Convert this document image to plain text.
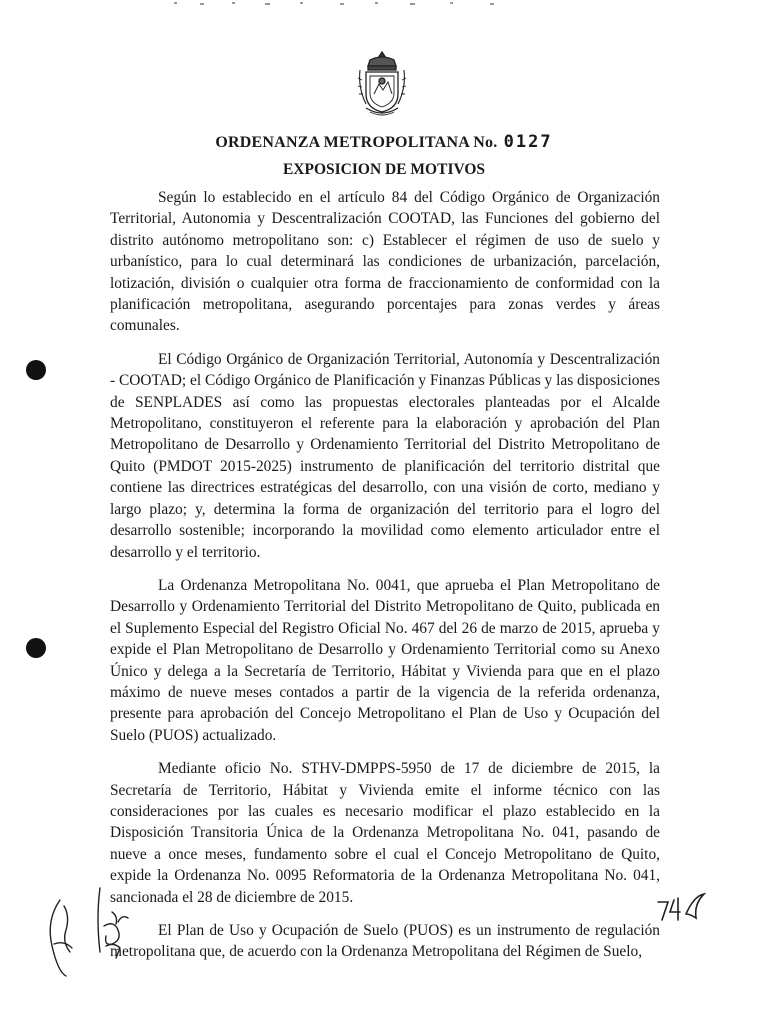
ORDENANZA METROPOLITANA No. 0127
EXPOSICION DE MOTIVOS

Según lo establecido en el artículo 84 del Código Orgánico de Organización Territorial, Autonomia y Descentralización COOTAD, las Funciones del gobierno del distrito autónomo metropolitano son: c) Establecer el régimen de uso de suelo y urbanístico, para lo cual determinará las condiciones de urbanización, parcelación, lotización, división o cualquier otra forma de fraccionamiento de conformidad con la planificación metropolitana, asegurando porcentajes para zonas verdes y áreas comunales.

El Código Orgánico de Organización Territorial, Autonomía y Descentralización - COOTAD; el Código Orgánico de Planificación y Finanzas Públicas y las disposiciones de SENPLADES así como las propuestas electorales planteadas por el Alcalde Metropolitano, constituyeron el referente para la elaboración y aprobación del Plan Metropolitano de Desarrollo y Ordenamiento Territorial del Distrito Metropolitano de Quito (PMDOT 2015-2025) instrumento de planificación del territorio distrital que contiene las directrices estratégicas del desarrollo, con una visión de corto, mediano y largo plazo; y, determina la forma de organización del territorio para el logro del desarrollo sostenible; incorporando la movilidad como elemento articulador entre el desarrollo y el territorio.

La Ordenanza Metropolitana No. 0041, que aprueba el Plan Metropolitano de Desarrollo y Ordenamiento Territorial del Distrito Metropolitano de Quito, publicada en el Suplemento Especial del Registro Oficial No. 467 del 26 de marzo de 2015, aprueba y expide el Plan Metropolitano de Desarrollo y Ordenamiento Territorial como su Anexo Único y delega a la Secretaría de Territorio, Hábitat y Vivienda para que en el plazo máximo de nueve meses contados a partir de la vigencia de la referida ordenanza, presente para aprobación del Concejo Metropolitano el Plan de Uso y Ocupación del Suelo (PUOS) actualizado.

Mediante oficio No. STHV-DMPPS-5950 de 17 de diciembre de 2015, la Secretaría de Territorio, Hábitat y Vivienda emite el informe técnico con las consideraciones por las cuales es necesario modificar el plazo establecido en la Disposición Transitoria Única de la Ordenanza Metropolitana No. 041, pasando de nueve a once meses, fundamento sobre el cual el Concejo Metropolitano de Quito, expide la Ordenanza No. 0095 Reformatoria de la Ordenanza Metropolitana No. 041, sancionada el 28 de diciembre de 2015.

El Plan de Uso y Ocupación de Suelo (PUOS) es un instrumento de regulación metropolitana que, de acuerdo con la Ordenanza Metropolitana del Régimen de Suelo,
